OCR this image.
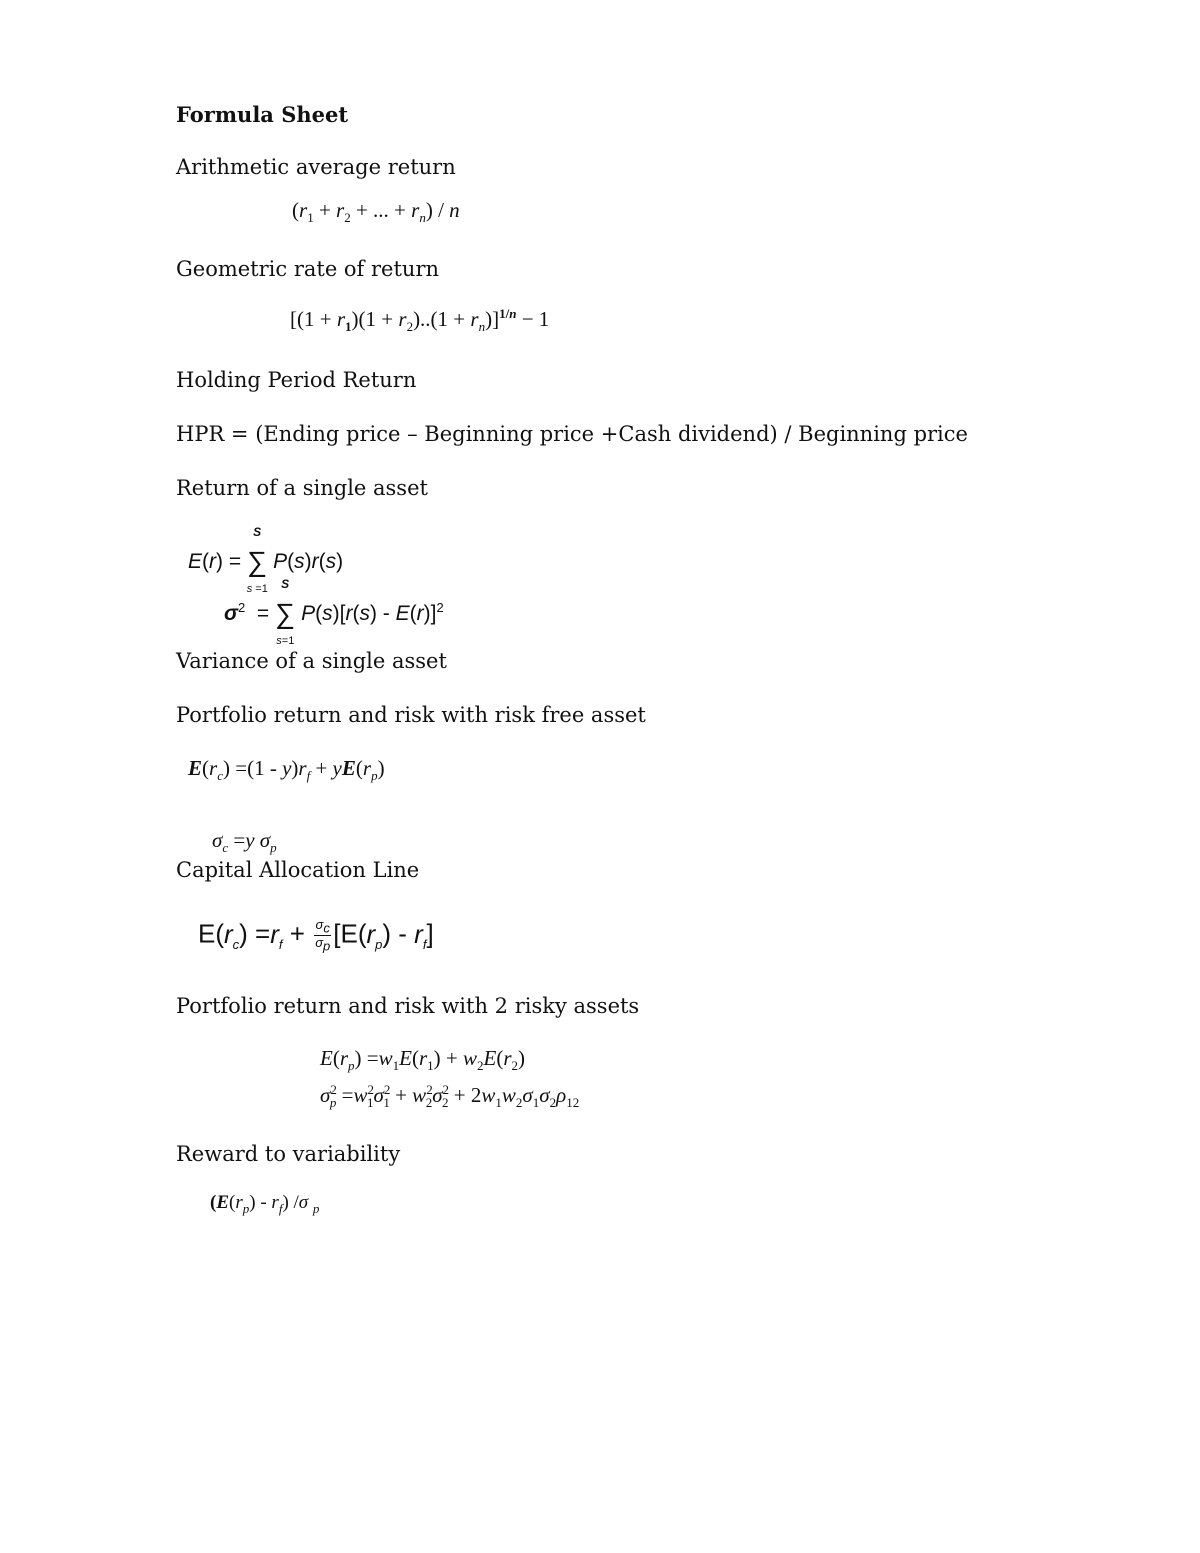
Formula Sheet
Arithmetic average return
($r_1 + r_2$ + ... + $r_n$) / n
Geometric rate of return
$[(1 + r_1)(1 + r_2)..(1 + r_n)]^{1/n} - 1$
Holding Period Return
HPR = (Ending price – Beginning price +Cash dividend) / Beginning price
Return of a single asset
E(r) =
S
∑
s =1
P(s)r(s)
$\sigma^2$  =
S
∑
s=1
P(s)[r(s) - E(r)]$^2$
Variance of a single asset
Portfolio return and risk with risk free asset
$E(r_c) =(1 - y)r_f + yE(r_p)$
$\sigma_c =y$ $\sigma_p$
Capital Allocation Line
$E(r_c) =r_f + \frac{\sigma_c}{\sigma_p} [E(r_p) - r_f]$
Portfolio return and risk with 2 risky assets
$E(r_p) =w_1E(r_1) + w_2E(r_2)$
$\sigma^2_p =w^2_1\sigma^2_1 + w^2_2\sigma^2_2 + 2w_1w_2\sigma_1\sigma_2\rho_{12}$
Reward to variability
$(E(r_p) - r_f)$ /σ $_p$
